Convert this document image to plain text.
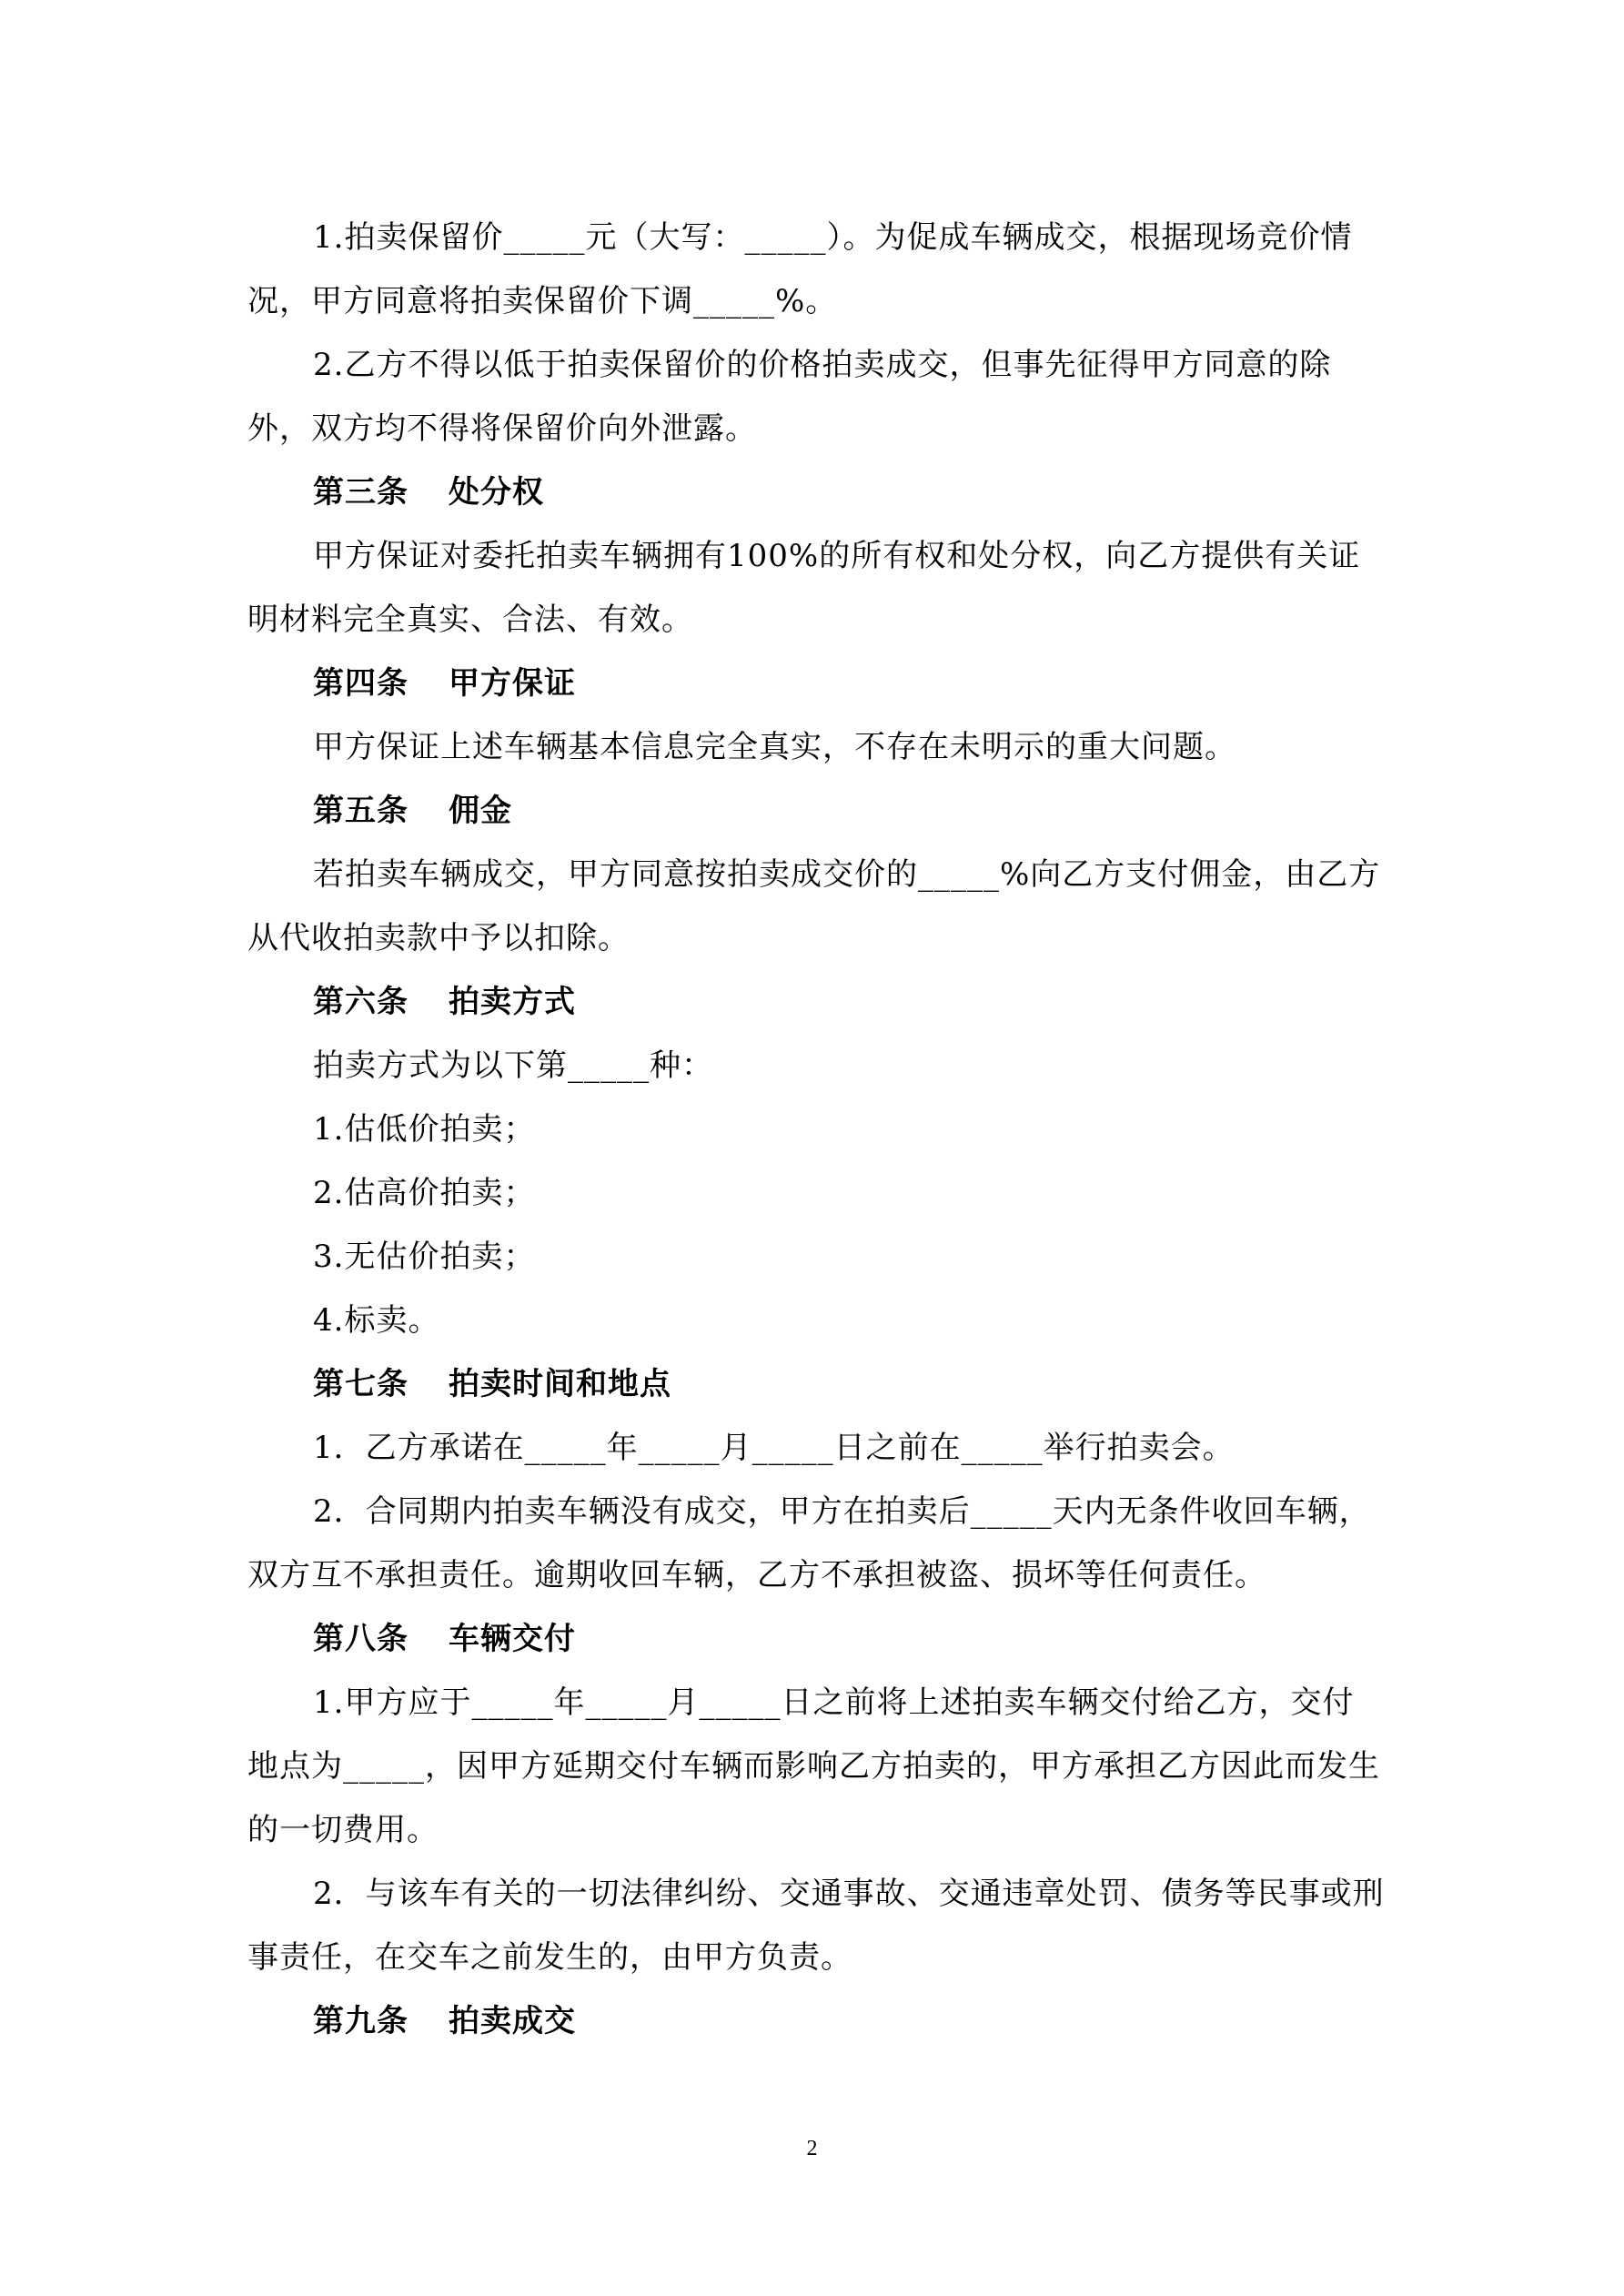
1.拍卖保留价_____元（大写：_____）。为促成车辆成交，根据现场竞价情况，甲方同意将拍卖保留价下调_____%。

2.乙方不得以低于拍卖保留价的价格拍卖成交，但事先征得甲方同意的除外，双方均不得将保留价向外泄露。

第三条 处分权

甲方保证对委托拍卖车辆拥有100%的所有权和处分权，向乙方提供有关证明材料完全真实、合法、有效。

第四条 甲方保证

甲方保证上述车辆基本信息完全真实，不存在未明示的重大问题。

第五条 佣金

若拍卖车辆成交，甲方同意按拍卖成交价的_____%向乙方支付佣金，由乙方从代收拍卖款中予以扣除。

第六条 拍卖方式

拍卖方式为以下第_____种：

1.估低价拍卖；

2.估高价拍卖；

3.无估价拍卖；

4.标卖。

第七条 拍卖时间和地点

1．乙方承诺在_____年_____月_____日之前在_____举行拍卖会。

2．合同期内拍卖车辆没有成交，甲方在拍卖后_____天内无条件收回车辆，双方互不承担责任。逾期收回车辆，乙方不承担被盗、损坏等任何责任。

第八条 车辆交付

1.甲方应于_____年_____月_____日之前将上述拍卖车辆交付给乙方，交付地点为_____，因甲方延期交付车辆而影响乙方拍卖的，甲方承担乙方因此而发生的一切费用。

2．与该车有关的一切法律纠纷、交通事故、交通违章处罚、债务等民事或刑事责任，在交车之前发生的，由甲方负责。

第九条 拍卖成交

2
